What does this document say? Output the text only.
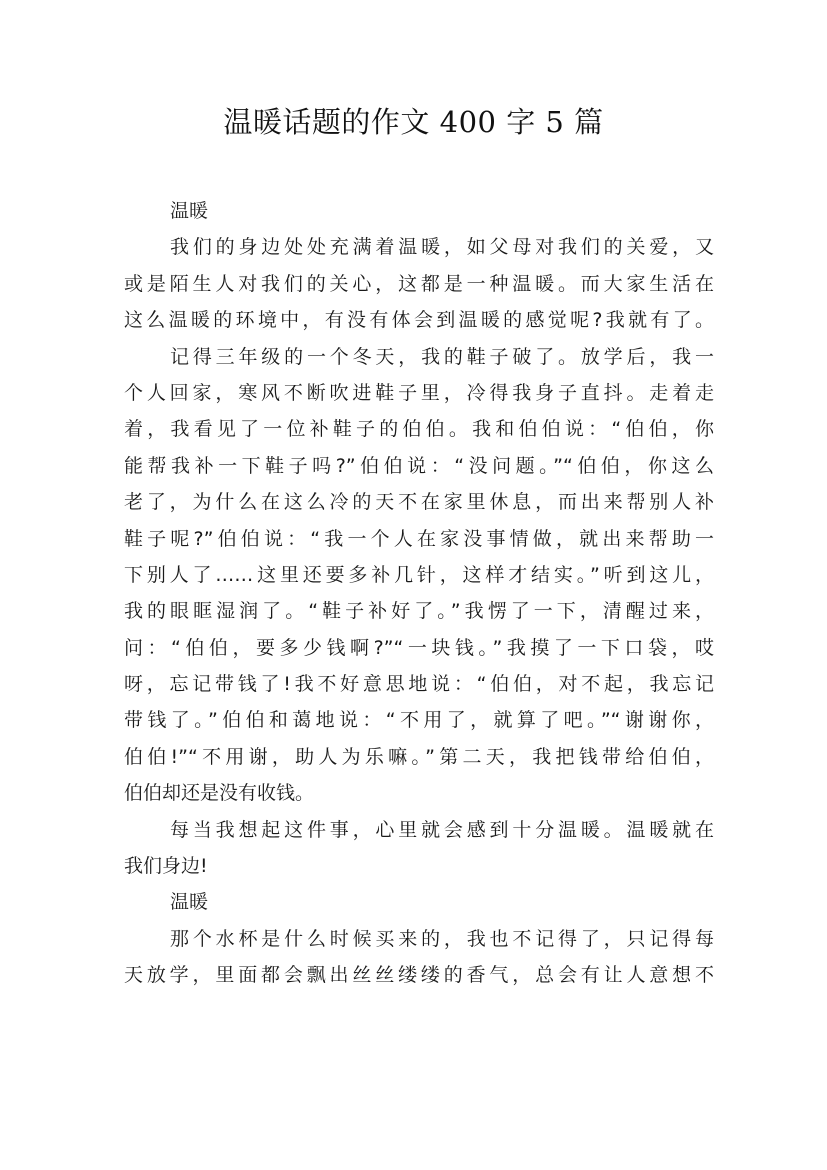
温暖话题的作文 400 字 5 篇
温暖
我们的身边处处充满着温暖，如父母对我们的关爱，又
或是陌生人对我们的关心，这都是一种温暖。而大家生活在
这么温暖的环境中，有没有体会到温暖的感觉呢?我就有了。
记得三年级的一个冬天，我的鞋子破了。放学后，我一
个人回家，寒风不断吹进鞋子里，冷得我身子直抖。走着走
着，我看见了一位补鞋子的伯伯。我和伯伯说：“伯伯，你
能帮我补一下鞋子吗?”伯伯说：“没问题。”“伯伯，你这么
老了，为什么在这么冷的天不在家里休息，而出来帮别人补
鞋子呢?”伯伯说：“我一个人在家没事情做，就出来帮助一
下别人了……这里还要多补几针，这样才结实。”听到这儿，
我的眼眶湿润了。“鞋子补好了。”我愣了一下，清醒过来，
问：“伯伯，要多少钱啊?”“一块钱。”我摸了一下口袋，哎
呀，忘记带钱了!我不好意思地说：“伯伯，对不起，我忘记
带钱了。”伯伯和蔼地说：“不用了，就算了吧。”“谢谢你，
伯伯!”“不用谢，助人为乐嘛。”第二天，我把钱带给伯伯，
伯伯却还是没有收钱。
每当我想起这件事，心里就会感到十分温暖。温暖就在
我们身边!
温暖
那个水杯是什么时候买来的，我也不记得了，只记得每
天放学，里面都会飘出丝丝缕缕的香气，总会有让人意想不
